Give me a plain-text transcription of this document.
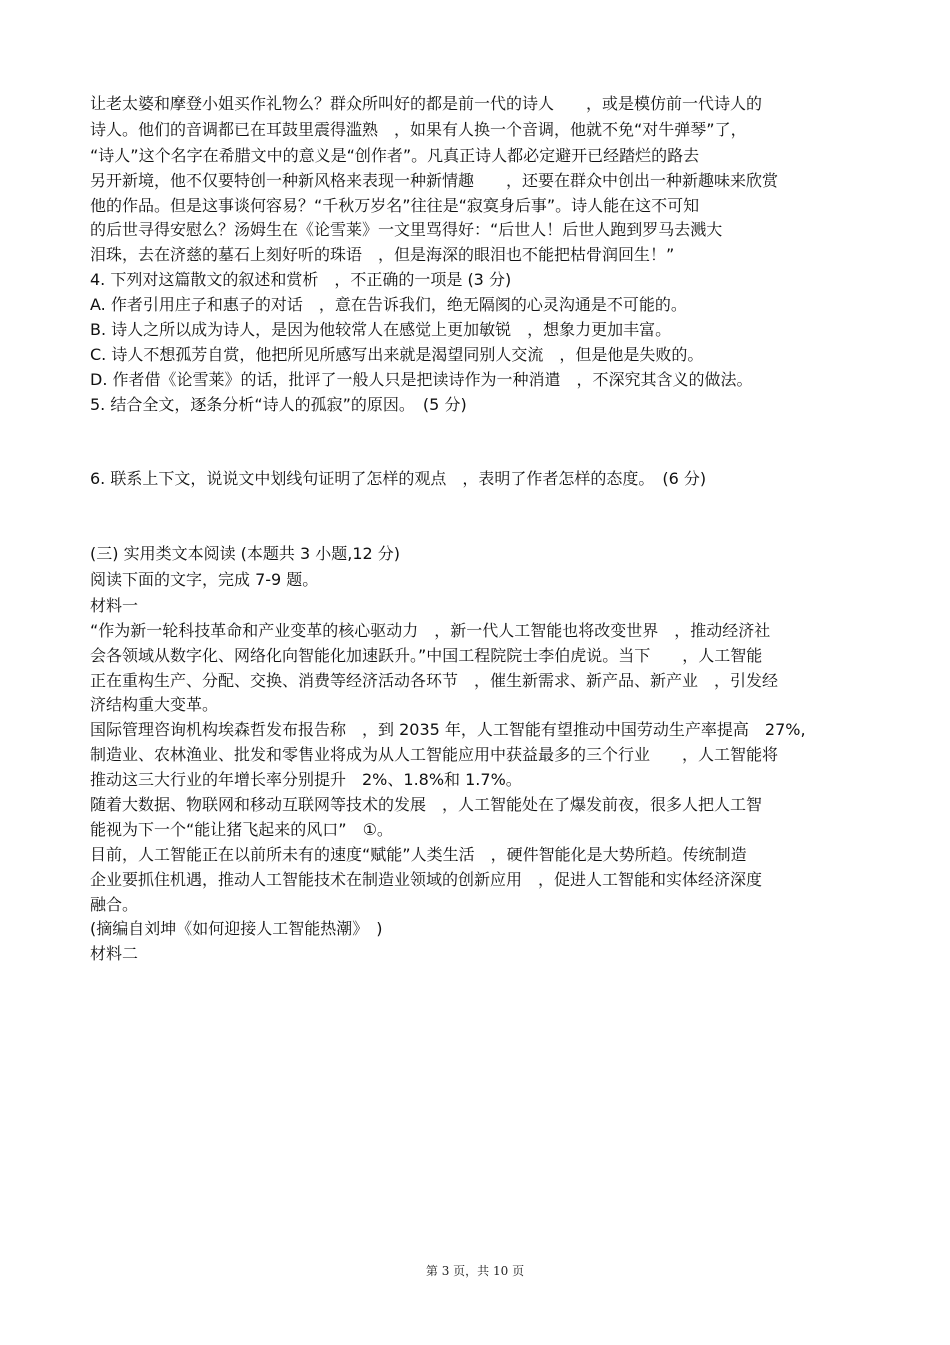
让老太婆和摩登小姐买作礼物么？群众所叫好的都是前一代的诗人　　，或是模仿前一代诗人的
诗人。他们的音调都已在耳鼓里震得滥熟　，如果有人换一个音调，他就不免“对牛弹琴”了，
“诗人”这个名字在希腊文中的意义是“创作者”。凡真正诗人都必定避开已经踏烂的路去
另开新境，他不仅要特创一种新风格来表现一种新情趣　　，还要在群众中创出一种新趣味来欣赏
他的作品。但是这事谈何容易？“千秋万岁名”往往是“寂寞身后事”。诗人能在这不可知
的后世寻得安慰么？汤姆生在《论雪莱》一文里骂得好：“后世人！后世人跑到罗马去溅大
泪珠，去在济慈的墓石上刻好听的珠语　，但是海深的眼泪也不能把枯骨润回生！”
4. 下列对这篇散文的叙述和赏析　，不正确的一项是 (3 分)
A. 作者引用庄子和惠子的对话　，意在告诉我们，绝无隔阂的心灵沟通是不可能的。
B. 诗人之所以成为诗人，是因为他较常人在感觉上更加敏锐　，想象力更加丰富。
C. 诗人不想孤芳自赏，他把所见所感写出来就是渴望同别人交流　，但是他是失败的。
D. 作者借《论雪莱》的话，批评了一般人只是把读诗作为一种消遣　，不深究其含义的做法。
5. 结合全文，逐条分析“诗人的孤寂”的原因。　(5 分)
6. 联系上下文，说说文中划线句证明了怎样的观点　，表明了作者怎样的态度。　(6 分)
(三) 实用类文本阅读 (本题共 3 小题,12 分)
阅读下面的文字，完成 7-9 题。
材料一
“作为新一轮科技革命和产业变革的核心驱动力　，新一代人工智能也将改变世界　，推动经济社
会各领域从数字化、网络化向智能化加速跃升。”中国工程院院士李伯虎说。当下　　，人工智能
正在重构生产、分配、交换、消费等经济活动各环节　，催生新需求、新产品、新产业　，引发经
济结构重大变革。
国际管理咨询机构埃森哲发布报告称　，到 2035 年，人工智能有望推动中国劳动生产率提高　27%,
制造业、农林渔业、批发和零售业将成为从人工智能应用中获益最多的三个行业　　，人工智能将
推动这三大行业的年增长率分别提升　2%、1.8%和 1.7%。
随着大数据、物联网和移动互联网等技术的发展　，人工智能处在了爆发前夜，很多人把人工智
能视为下一个“能让猪飞起来的风口”　①。
目前，人工智能正在以前所未有的速度“赋能”人类生活　，硬件智能化是大势所趋。传统制造
企业要抓住机遇，推动人工智能技术在制造业领域的创新应用　，促进人工智能和实体经济深度
融合。
(摘编自刘坤《如何迎接人工智能热潮》　)
材料二
第 3 页，共 10 页
